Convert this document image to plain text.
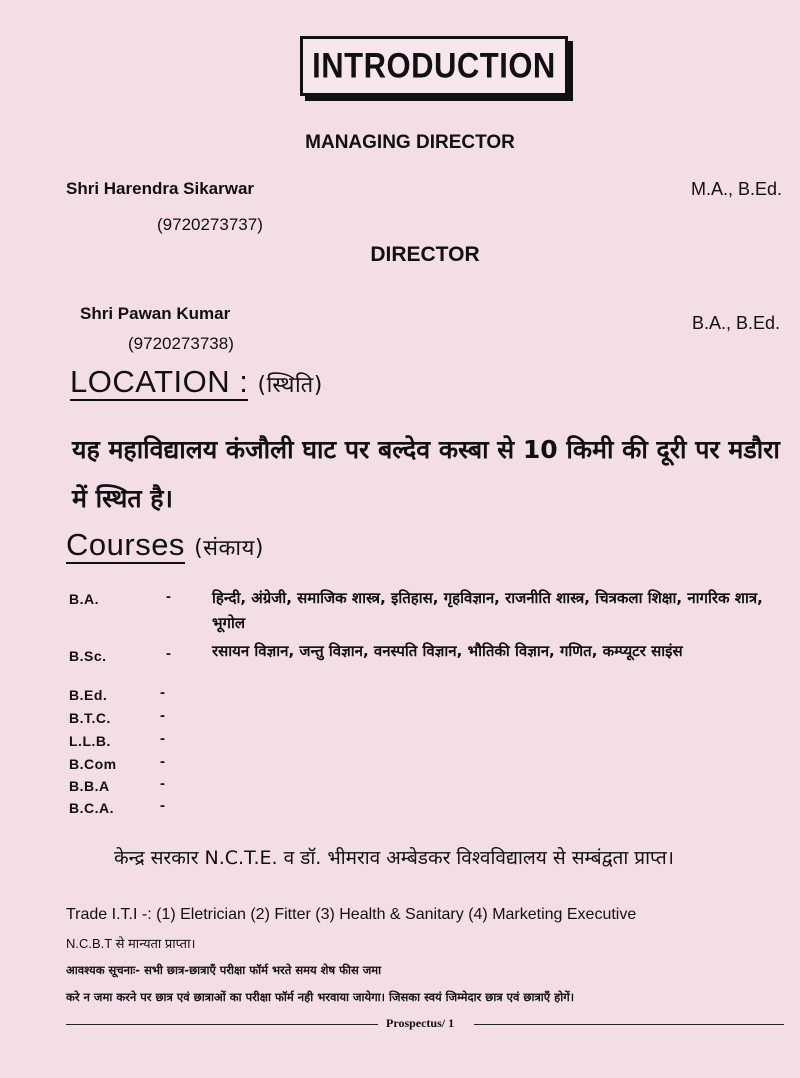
INTRODUCTION
MANAGING DIRECTOR
Shri Harendra Sikarwar
(9720273737)
M.A., B.Ed.
DIRECTOR
Shri Pawan Kumar
(9720273738)
B.A., B.Ed.
LOCATION : (स्थिति)
यह महाविद्यालय कंजौली घाट पर बल्देव कस्बा से 10 किमी की दूरी पर मडौरा में स्थित है।
Courses (संकाय)
B.A.	-	हिन्दी, अंग्रेजी, समाजिक शास्त्र, इतिहास, गृहविज्ञान, राजनीति शास्त्र, चित्रकला शिक्षा, नागरिक शात्र, भूगोल
B.Sc.	-	रसायन विज्ञान, जन्तु विज्ञान, वनस्पति विज्ञान, भौतिकी विज्ञान, गणित, कम्प्यूटर साइंस
B.Ed.	-
B.T.C.	-
L.L.B.	-
B.Com	-
B.B.A	-
B.C.A.	-
केन्द्र सरकार N.C.T.E. व डॉ. भीमराव अम्बेडकर विश्वविद्यालय से सम्बंद्वता प्राप्त।
Trade I.T.I -: (1) Eletrician (2) Fitter (3) Health & Sanitary (4) Marketing Executive
N.C.B.T से मान्यता प्राप्ता।
आवश्यक सूचनाः- सभी छात्र-छात्राएँ परीक्षा फॉर्म भरते समय शेष फीस जमा
करे न जमा करने पर छात्र एवं छात्राओं का परीक्षा फॉर्म नही भरवाया जायेगा। जिसका स्वयं जिम्मेदार छात्र एवं छात्राएँ होगें।
Prospectus/ 1
